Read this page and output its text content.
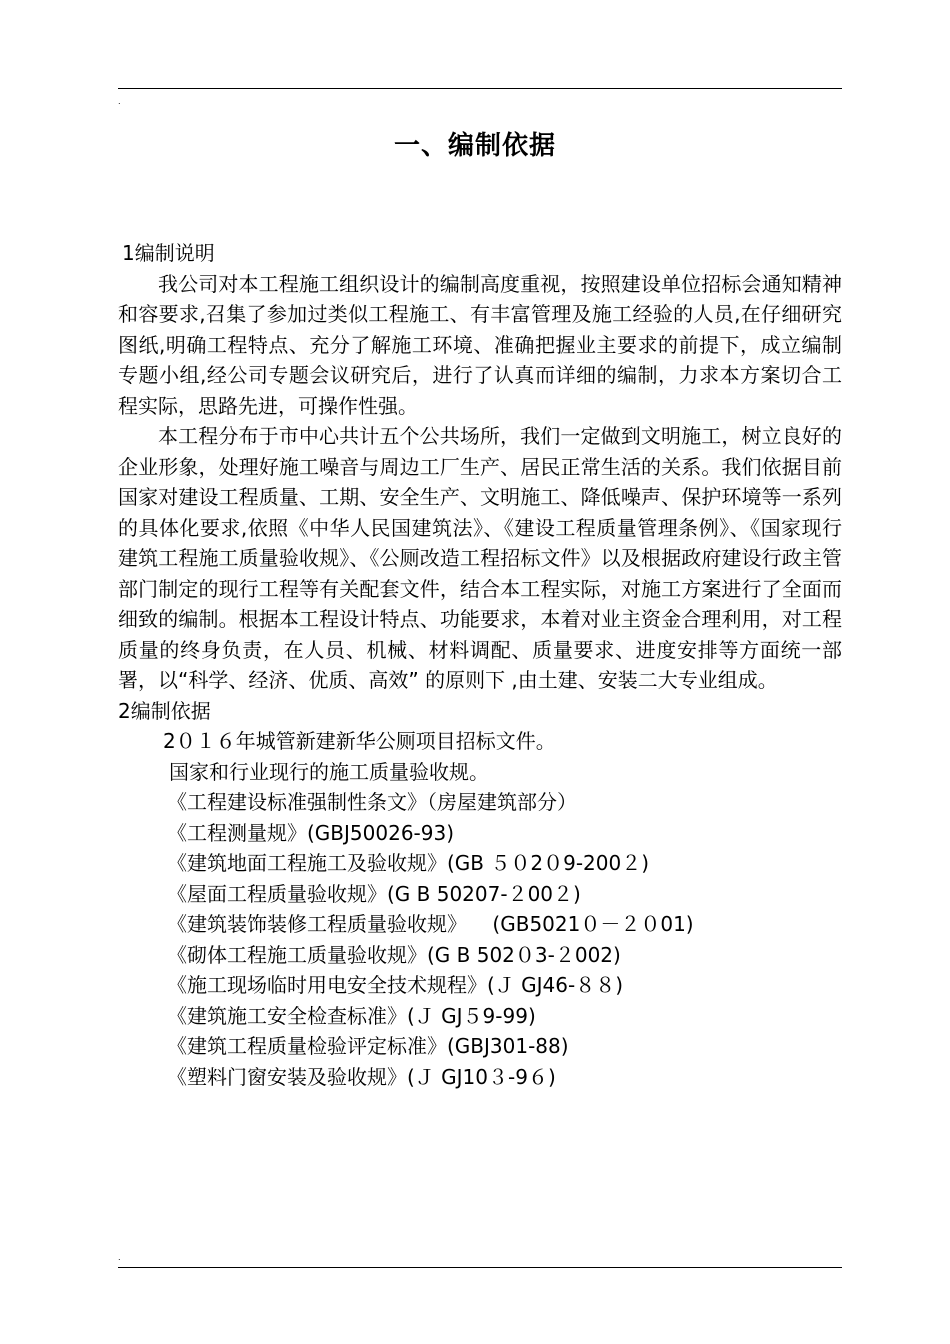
.
一、编制依据

1编制说明

我公司对本工程施工组织设计的编制高度重视，按照建设单位招标会通知精神和容要求,召集了参加过类似工程施工、有丰富管理及施工经验的人员,在仔细研究图纸,明确工程特点、充分了解施工环境、准确把握业主要求的前提下，成立编制专题小组,经公司专题会议研究后，进行了认真而详细的编制，力求本方案切合工程实际，思路先进，可操作性强。

本工程分布于市中心共计五个公共场所，我们一定做到文明施工，树立良好的企业形象，处理好施工噪音与周边工厂生产、居民正常生活的关系。我们依据目前国家对建设工程质量、工期、安全生产、文明施工、降低噪声、保护环境等一系列的具体化要求,依照《中华人民国建筑法》、《建设工程质量管理条例》、《国家现行建筑工程施工质量验收规》、《公厕改造工程招标文件》以及根据政府建设行政主管部门制定的现行工程等有关配套文件，结合本工程实际，对施工方案进行了全面而细致的编制。根据本工程设计特点、功能要求，本着对业主资金合理利用，对工程质量的终身负责，在人员、机械、材料调配、质量要求、进度安排等方面统一部署，以“科学、经济、优质、高效” 的原则下 ,由土建、安装二大专业组成。

2编制依据

2０１６年城管新建新华公厕项目招标文件。
国家和行业现行的施工质量验收规。
《工程建设标准强制性条文》（房屋建筑部分）
《工程测量规》(GBJ50026-93)
《建筑地面工程施工及验收规》(GB ５０2０9-200２)
《屋面工程质量验收规》(G B 50207-２00２)
《建筑装饰装修工程质量验收规》    (GB5021０－２０01)
《砌体工程施工质量验收规》(G B 502０3-２002)
《施工现场临时用电安全技术规程》(Ｊ GJ46-８８)
《建筑施工安全检查标准》(Ｊ GJ５9-99)
《建筑工程质量检验评定标准》(GBJ301-88)
《塑料门窗安装及验收规》(Ｊ GJ10３-9６)
.
